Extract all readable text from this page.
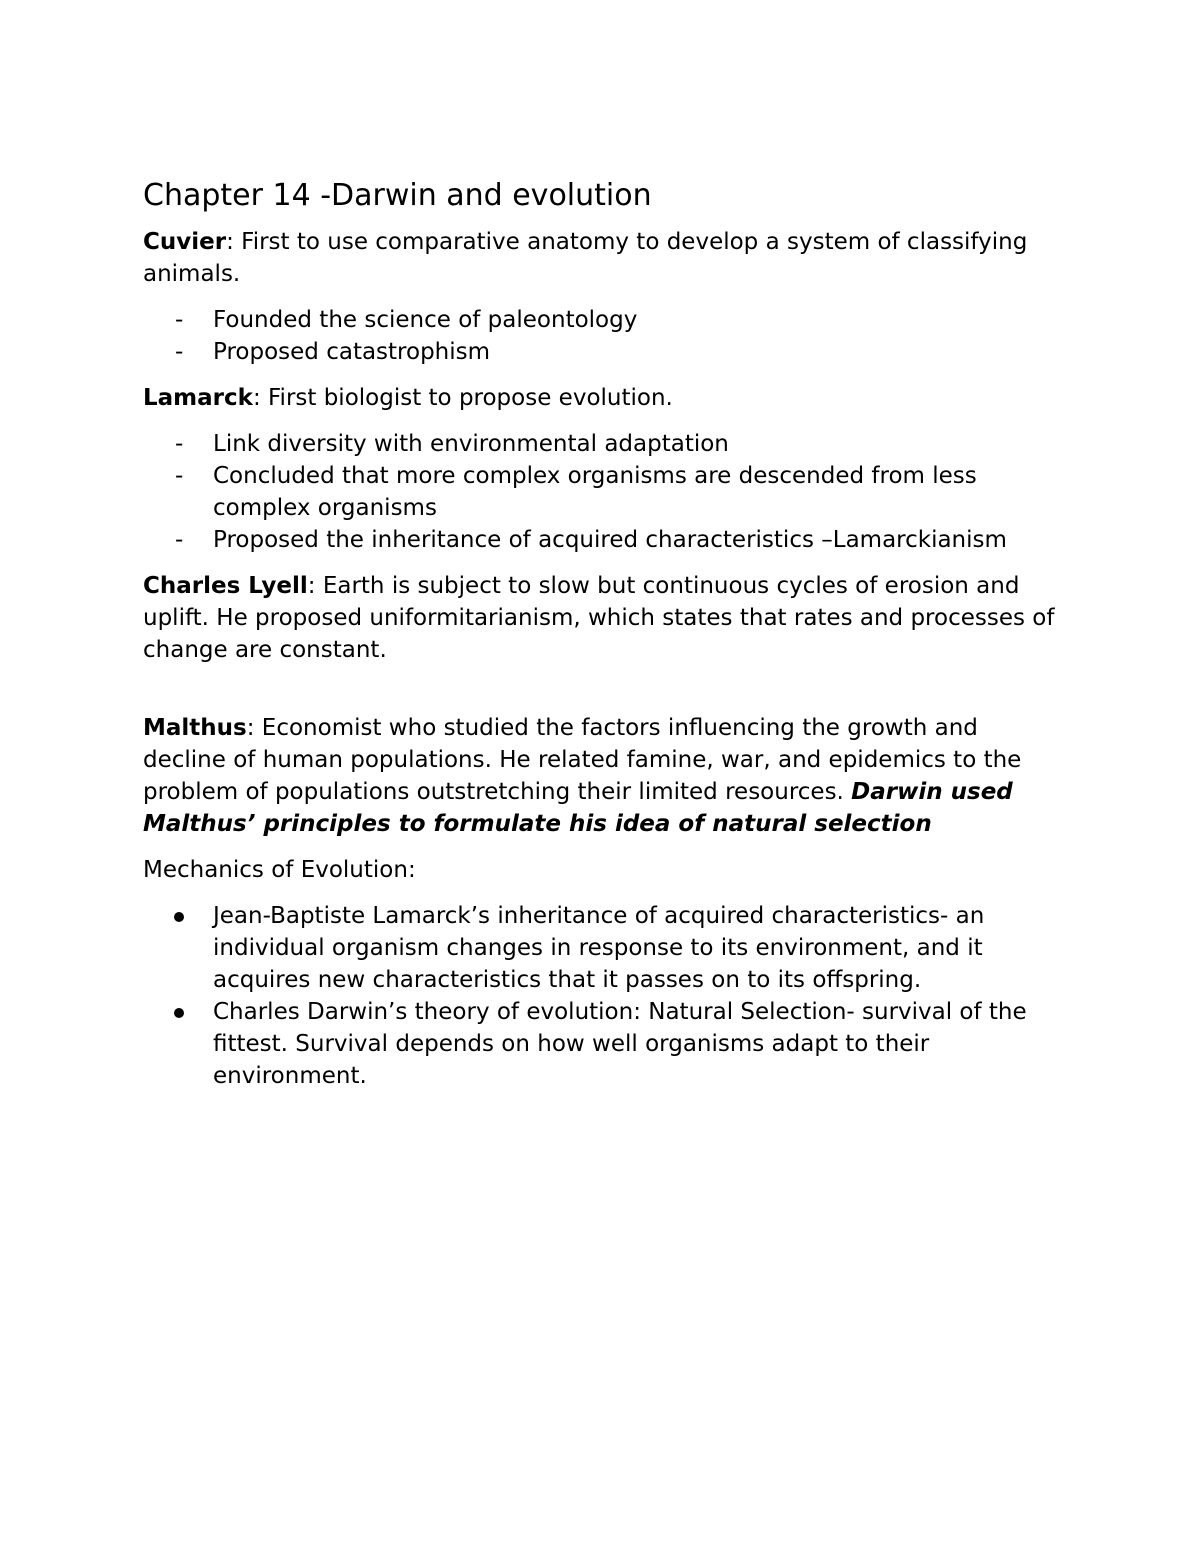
Chapter 14 -Darwin and evolution

Cuvier: First to use comparative anatomy to develop a system of classifying animals.

- Founded the science of paleontology
- Proposed catastrophism

Lamarck: First biologist to propose evolution.

- Link diversity with environmental adaptation
- Concluded that more complex organisms are descended from less complex organisms
- Proposed the inheritance of acquired characteristics –Lamarckianism

Charles Lyell: Earth is subject to slow but continuous cycles of erosion and uplift. He proposed uniformitarianism, which states that rates and processes of change are constant.

Malthus: Economist who studied the factors influencing the growth and decline of human populations. He related famine, war, and epidemics to the problem of populations outstretching their limited resources. Darwin used Malthus’ principles to formulate his idea of natural selection

Mechanics of Evolution:

Jean-Baptiste Lamarck’s inheritance of acquired characteristics- an individual organism changes in response to its environment, and it acquires new characteristics that it passes on to its offspring.
Charles Darwin’s theory of evolution: Natural Selection- survival of the fittest. Survival depends on how well organisms adapt to their environment.
